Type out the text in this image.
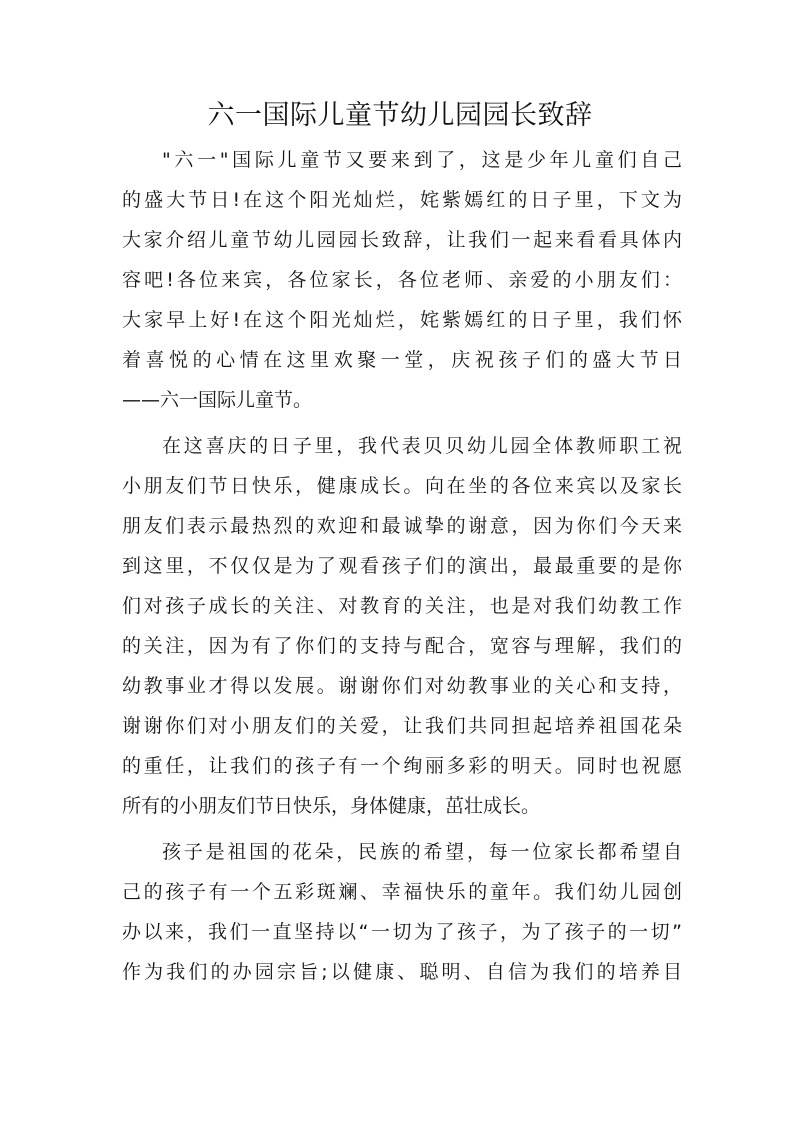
六一国际儿童节幼儿园园长致辞
"六一"国际儿童节又要来到了，这是少年儿童们自己
的盛大节日!在这个阳光灿烂，姹紫嫣红的日子里，下文为
大家介绍儿童节幼儿园园长致辞，让我们一起来看看具体内
容吧!各位来宾，各位家长，各位老师、亲爱的小朋友们：
大家早上好!在这个阳光灿烂，姹紫嫣红的日子里，我们怀
着喜悦的心情在这里欢聚一堂，庆祝孩子们的盛大节日
——六一国际儿童节。
在这喜庆的日子里，我代表贝贝幼儿园全体教师职工祝
小朋友们节日快乐，健康成长。向在坐的各位来宾以及家长
朋友们表示最热烈的欢迎和最诚挚的谢意，因为你们今天来
到这里，不仅仅是为了观看孩子们的演出，最最重要的是你
们对孩子成长的关注、对教育的关注，也是对我们幼教工作
的关注，因为有了你们的支持与配合，宽容与理解，我们的
幼教事业才得以发展。谢谢你们对幼教事业的关心和支持，
谢谢你们对小朋友们的关爱，让我们共同担起培养祖国花朵
的重任，让我们的孩子有一个绚丽多彩的明天。同时也祝愿
所有的小朋友们节日快乐，身体健康，茁壮成长。
孩子是祖国的花朵，民族的希望，每一位家长都希望自
己的孩子有一个五彩斑斓、幸福快乐的童年。我们幼儿园创
办以来，我们一直坚持以“一切为了孩子，为了孩子的一切”
作为我们的办园宗旨;以健康、聪明、自信为我们的培养目
